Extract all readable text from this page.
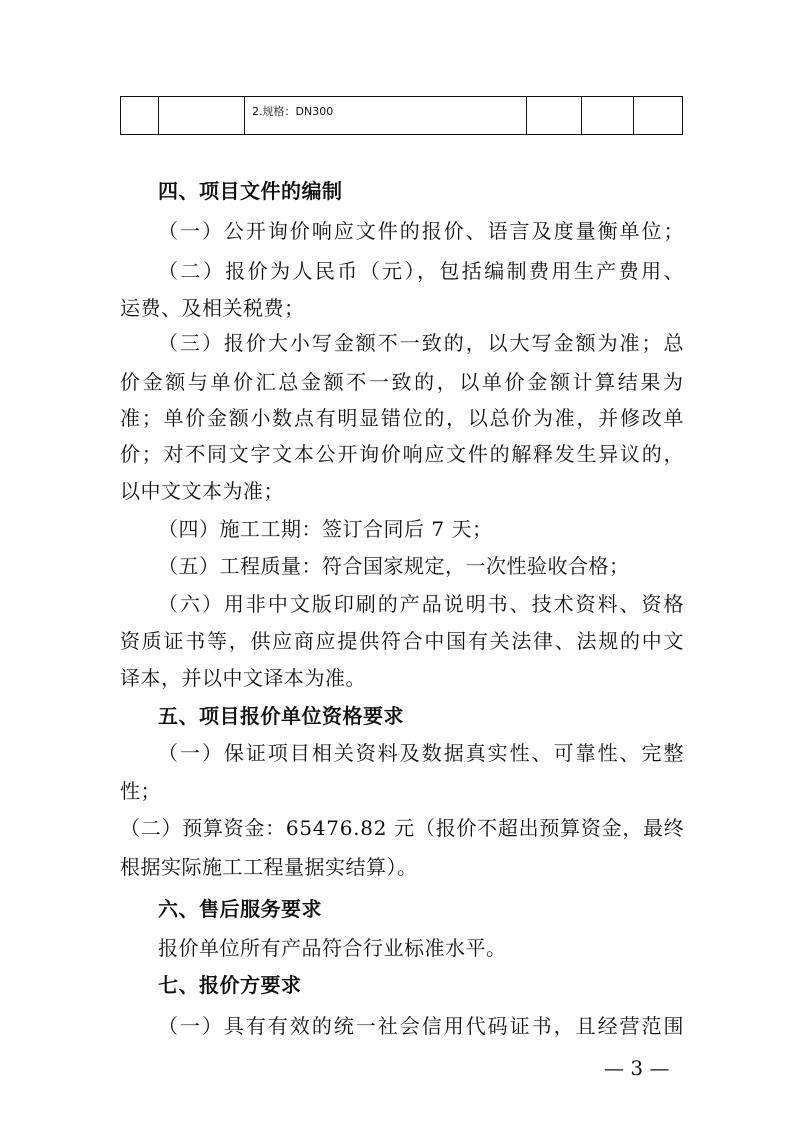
		2.规格：DN300			
四、项目文件的编制
（一）公开询价响应文件的报价、语言及度量衡单位；
（二）报价为人民币（元），包括编制费用生产费用、
运费、及相关税费；
（三）报价大小写金额不一致的，以大写金额为准；总
价金额与单价汇总金额不一致的，以单价金额计算结果为
准；单价金额小数点有明显错位的，以总价为准，并修改单
价；对不同文字文本公开询价响应文件的解释发生异议的，
以中文文本为准；
（四）施工工期：签订合同后 7 天；
（五）工程质量：符合国家规定，一次性验收合格；
（六）用非中文版印刷的产品说明书、技术资料、资格
资质证书等，供应商应提供符合中国有关法律、法规的中文
译本，并以中文译本为准。
五、项目报价单位资格要求
（一）保证项目相关资料及数据真实性、可靠性、完整
性；
（二）预算资金：65476.82 元（报价不超出预算资金，最终
根据实际施工工程量据实结算）。
六、售后服务要求
报价单位所有产品符合行业标准水平。
七、报价方要求
（一）具有有效的统一社会信用代码证书，且经营范围
— 3 —
